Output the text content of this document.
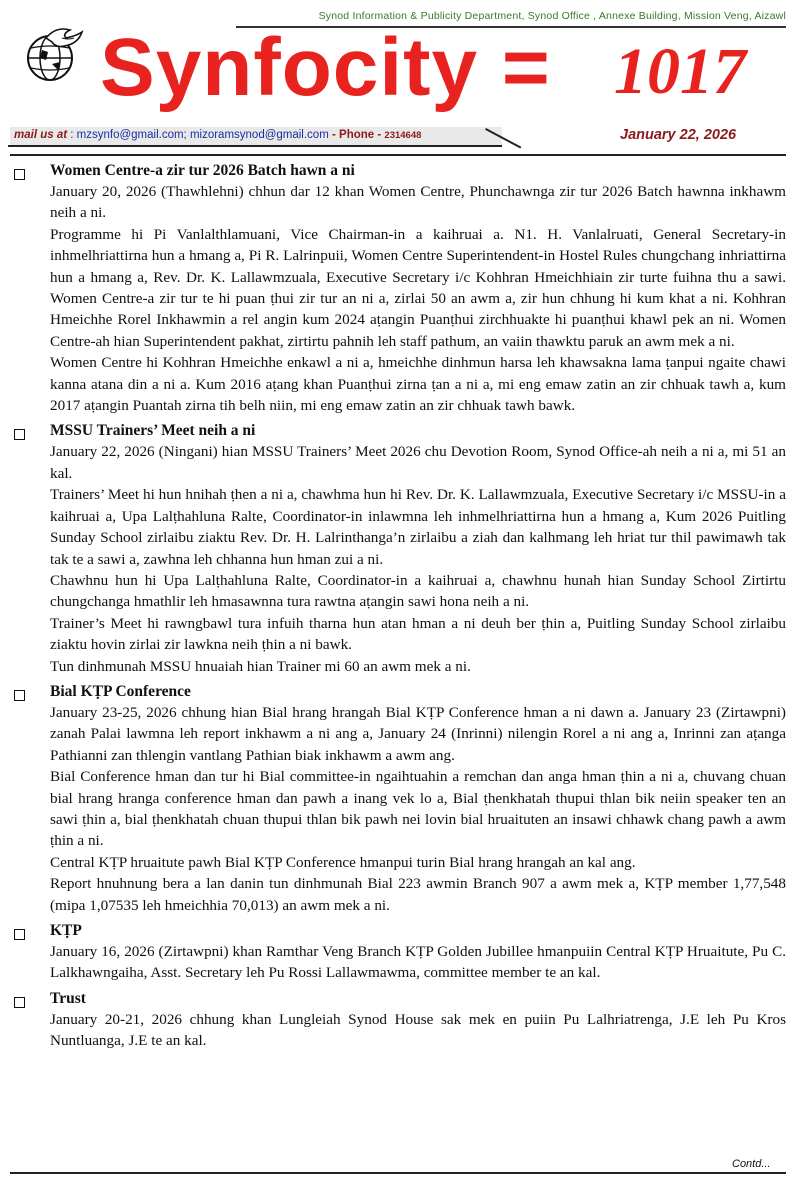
Synod Information & Publicity Department, Synod Office , Annexe Building, Mission Veng, Aizawl
Synfocity = 1017
mail us at : mzsynfo@gmail.com; mizoramsynod@gmail.com - Phone - 2314648	January 22, 2026
Women Centre-a zir tur 2026 Batch hawn a ni

January 20, 2026 (Thawhlehni) chhun dar 12 khan Women Centre, Phunchawnga zir tur 2026 Batch hawnna inkhawm neih a ni.

Programme hi Pi Vanlalthlamuani, Vice Chairman-in a kaihruai a. N1. H. Vanlalruati, General Secretary-in inhmelhriattirna hun a hmang a, Pi R. Lalrinpuii, Women Centre Superintendent-in Hostel Rules chungchang inhriattirna hun a hmang a, Rev. Dr. K. Lallawmzuala, Executive Secretary i/c Kohhran Hmeichhiain zir turte fuihna thu a sawi. Women Centre-a zir tur te hi puan ṭhui zir tur an ni a, zirlai 50 an awm a, zir hun chhung hi kum khat a ni. Kohhran Hmeichhe Rorel Inkhawmin a rel angin kum 2024 aṭangin Puanṭhui zirchhuakte hi puanṭhui khawl pek an ni. Women Centre-ah hian Superintendent pakhat, zirtirtu pahnih leh staff pathum, an vaiin thawktu paruk an awm mek a ni.

Women Centre hi Kohhran Hmeichhe enkawl a ni a, hmeichhe dinhmun harsa leh khawsakna lama ṭanpui ngaite chawi kanna atana din a ni a. Kum 2016 aṭang khan Puanṭhui zirna ṭan a ni a, mi eng emaw zatin an zir chhuak tawh a, kum 2017 aṭangin Puantah zirna tih belh niin, mi eng emaw zatin an zir chhuak tawh bawk.

MSSU Trainers’ Meet neih a ni

January 22, 2026 (Ningani) hian MSSU Trainers’ Meet 2026 chu Devotion Room, Synod Office-ah neih a ni a, mi 51 an kal.

Trainers’ Meet hi hun hnihah ṭhen a ni a, chawhma hun hi Rev. Dr. K. Lallawmzuala, Executive Secretary i/c MSSU-in a kaihruai a, Upa Lalṭhahluna Ralte, Coordinator-in inlawmna leh inhmelhriattirna hun a hmang a, Kum 2026 Puitling Sunday School zirlaibu ziaktu Rev. Dr. H. Lalrinthanga’n zirlaibu a ziah dan kalhmang leh hriat tur thil pawimawh tak tak te a sawi a, zawhna leh chhanna hun hman zui a ni.

Chawhnu hun hi Upa Lalṭhahluna Ralte, Coordinator-in a kaihruai a, chawhnu hunah hian Sunday School Zirtirtu chungchanga hmathlir leh hmasawnna tura rawtna aṭangin sawi hona neih a ni.

Trainer’s Meet hi rawngbawl tura infuih tharna hun atan hman a ni deuh ber ṭhin a, Puitling Sunday School zirlaibu ziaktu hovin zirlai zir lawkna neih ṭhin a ni bawk.

Tun dinhmunah MSSU hnuaiah hian Trainer mi 60 an awm mek a ni.

Bial KṬP Conference

January 23-25, 2026 chhung hian Bial hrang hrangah Bial KṬP Conference hman a ni dawn a. January 23 (Zirtawpni) zanah Palai lawmna leh report inkhawm a ni ang a, January 24 (Inrinni) nilengin Rorel a ni ang a, Inrinni zan aṭanga Pathianni zan thlengin vantlang Pathian biak inkhawm a awm ang.

Bial Conference hman dan tur hi Bial committee-in ngaihtuahin a remchan dan anga hman ṭhin a ni a, chuvang chuan bial hrang hranga conference hman dan pawh a inang vek lo a, Bial ṭhenkhatah thupui thlan bik neiin speaker ten an sawi ṭhin a, bial ṭhenkhatah chuan thupui thlan bik pawh nei lovin bial hruaituten an insawi chhawk chang pawh a awm ṭhin a ni.

Central KṬP hruaitute pawh Bial KṬP Conference hmanpui turin Bial hrang hrangah an kal ang.

Report hnuhnung bera a lan danin tun dinhmunah Bial 223 awmin Branch 907 a awm mek a, KṬP member 1,77,548 (mipa 1,07535 leh hmeichhia 70,013) an awm mek a ni.

KṬP

January 16, 2026 (Zirtawpni) khan Ramthar Veng Branch KṬP Golden Jubillee hmanpuiin Central KṬP Hruaitute, Pu C. Lalkhawngaiha, Asst. Secretary leh Pu Rossi Lallawmawma, committee member te an kal.

Trust

January 20-21, 2026 chhung khan Lungleiah Synod House sak mek en puiin Pu Lalhriatrenga, J.E leh Pu Kros Nuntluanga, J.E te an kal.

Contd...
